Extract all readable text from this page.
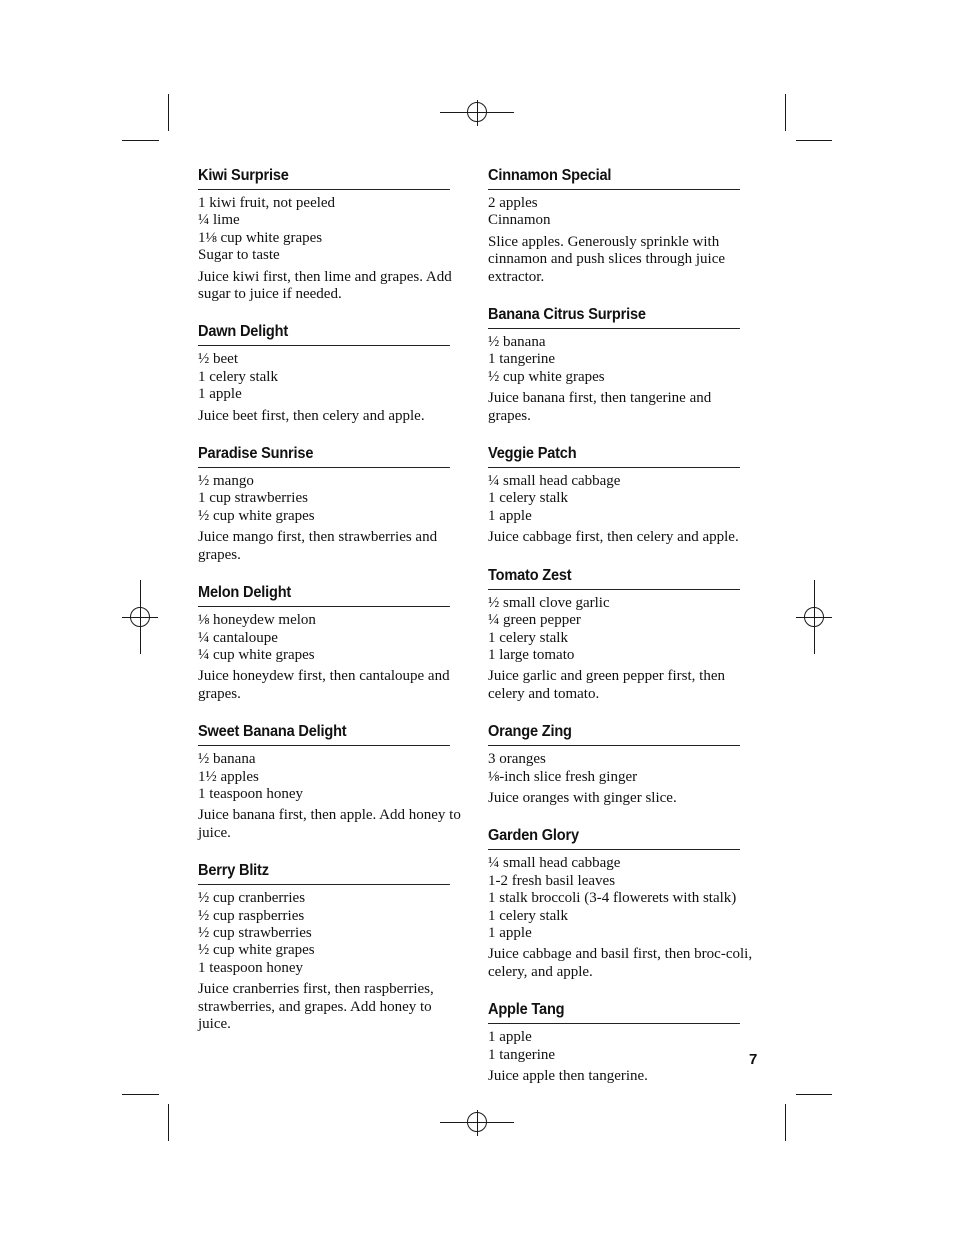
Kiwi Surprise
1 kiwi fruit, not peeled
¼ lime
1⅛ cup white grapes
Sugar to taste

Juice kiwi first, then lime and grapes. Add sugar to juice if needed.

Dawn Delight
½ beet
1 celery stalk
1 apple

Juice beet first, then celery and apple.

Paradise Sunrise
½ mango
1 cup strawberries
½ cup white grapes

Juice mango first, then strawberries and grapes.

Melon Delight
⅛ honeydew melon
¼ cantaloupe
¼ cup white grapes

Juice honeydew first, then cantaloupe and grapes.

Sweet Banana Delight
½ banana
1½ apples
1 teaspoon honey

Juice banana first, then apple. Add honey to juice.

Berry Blitz
½ cup cranberries
½ cup raspberries
½ cup strawberries
½ cup white grapes
1 teaspoon honey

Juice cranberries first, then raspberries, strawberries, and grapes. Add honey to juice.

Cinnamon Special
2 apples
Cinnamon

Slice apples. Generously sprinkle with cinnamon and push slices through juice extractor.

Banana Citrus Surprise
½ banana
1 tangerine
½ cup white grapes

Juice banana first, then tangerine and grapes.

Veggie Patch
¼ small head cabbage
1 celery stalk
1 apple

Juice cabbage first, then celery and apple.

Tomato Zest
½ small clove garlic
¼ green pepper
1 celery stalk
1 large tomato

Juice garlic and green pepper first, then celery and tomato.

Orange Zing
3 oranges
⅛-inch slice fresh ginger

Juice oranges with ginger slice.

Garden Glory
¼ small head cabbage
1-2 fresh basil leaves
1 stalk broccoli (3-4 flowerets with stalk)
1 celery stalk
1 apple

Juice cabbage and basil first, then broc-coli, celery, and apple.

Apple Tang
1 apple
1 tangerine

Juice apple then tangerine.

7
